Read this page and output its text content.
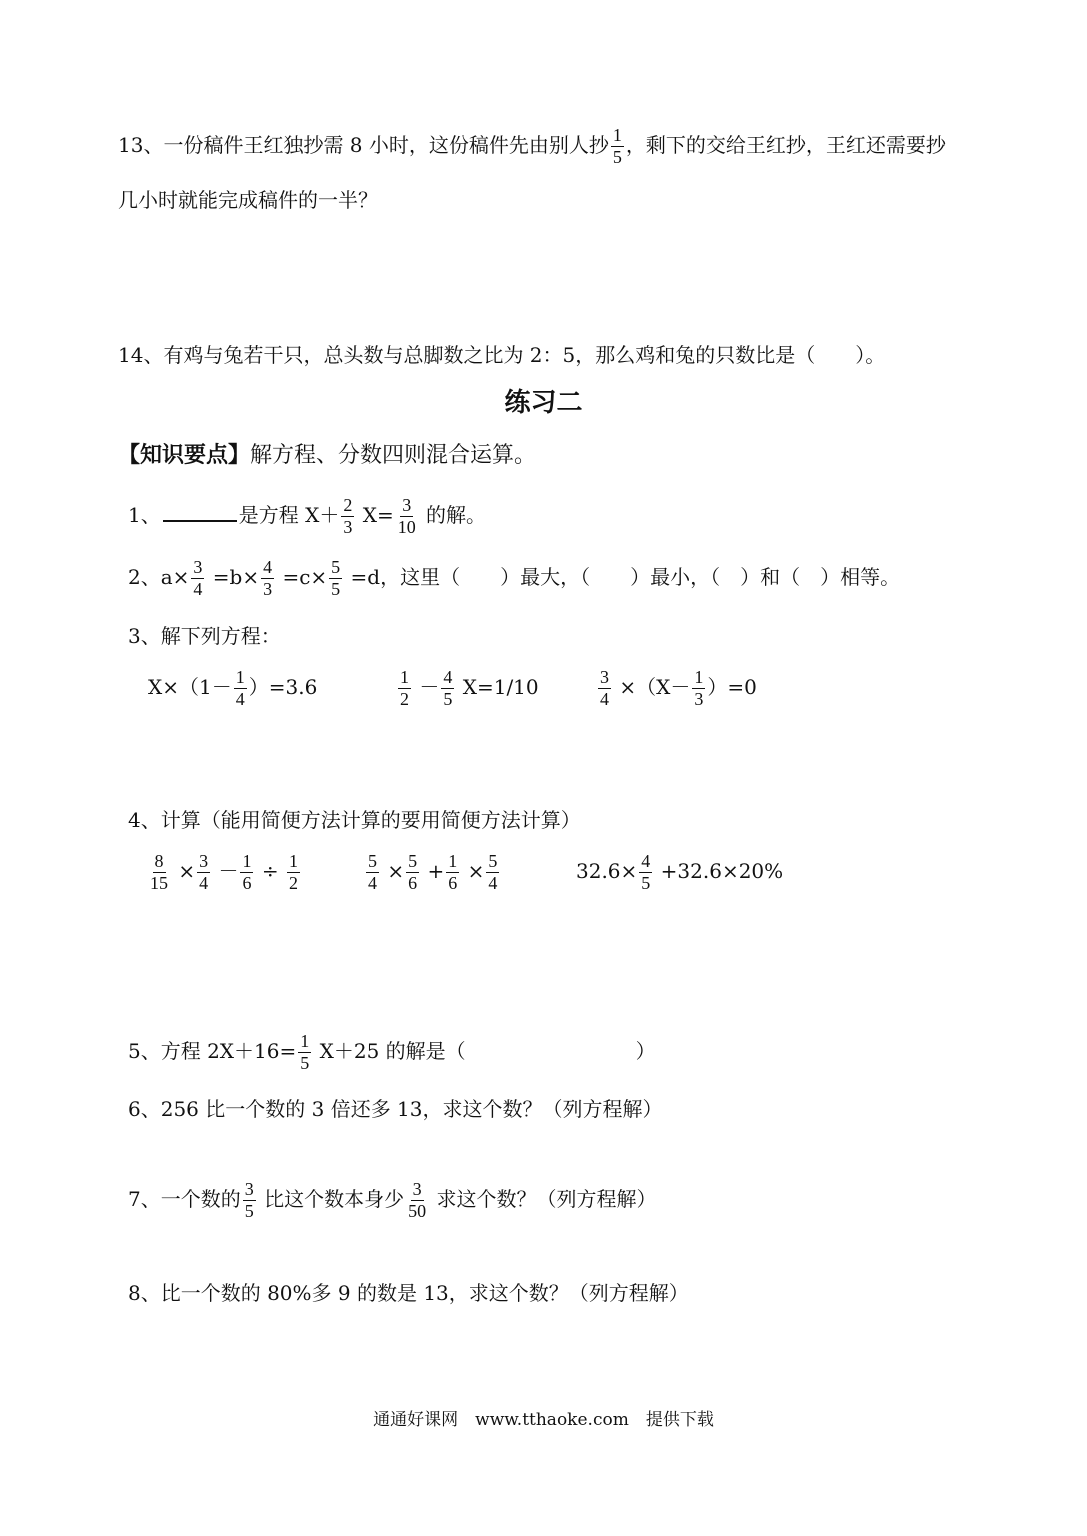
13、一份稿件王红独抄需 8 小时，这份稿件先由别人抄 $\frac{1}{5}$ ，剩下的交给王红抄，王红还需要抄
几小时就能完成稿件的一半？
14、有鸡与兔若干只，总头数与总脚数之比为 2：5，那么鸡和兔的只数比是（　　）。
练习二
【知识要点】解方程、分数四则混合运算。
1、	是方程 $X+ \frac{2}{3} X= \frac{3}{10}$ 的解。
2、$a\times \frac{3}{4} =b\times \frac{4}{3} =c\times \frac{5}{5} =d$，这里（　　）最大，（　　）最小，（　）和（　）相等。
3、解下列方程：
$X\times(1- \frac{1}{4} )=3.6$	$\frac{1}{2} - \frac{4}{5} X=1/10$	$\frac{3}{4} \times(X- \frac{1}{3} )=0$
4、计算（能用简便方法计算的要用简便方法计算）
$\frac{8}{15} \times \frac{3}{4} - \frac{1}{6} \div \frac{1}{2}$	$\frac{5}{4} \times \frac{5}{6} + \frac{1}{6} \times \frac{5}{4}$	$32.6\times \frac{4}{5} +32.6\times 20\%$
5、方程 $2X+16= \frac{1}{5} X+25$ 的解是（	）
6、256 比一个数的 3 倍还多 13，求这个数？（列方程解）
7、一个数的 $\frac{3}{5}$ 比这个数本身少 $\frac{3}{50}$ 求这个数？（列方程解）
8、比一个数的 80%多 9 的数是 13，求这个数？（列方程解）
通通好课网　www.tthaoke.com　提供下载
